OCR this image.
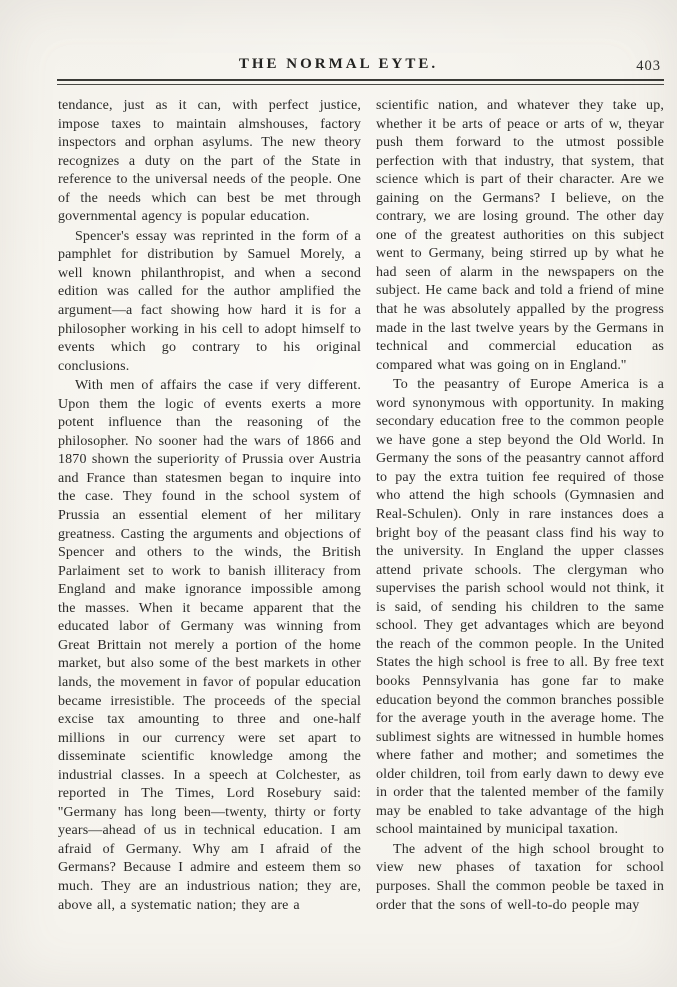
THE NORMAL EYTE.	403

tendance, just as it can, with perfect justice, impose taxes to maintain almshouses, factory inspectors and orphan asylums. The new theory recognizes a duty on the part of the State in reference to the universal needs of the people. One of the needs which can best be met through governmental agency is popular education.

Spencer's essay was reprinted in the form of a pamphlet for distribution by Samuel Morely, a well known philanthropist, and when a second edition was called for the author amplified the argument—a fact showing how hard it is for a philosopher working in his cell to adopt himself to events which go contrary to his original conclusions.

With men of affairs the case if very different. Upon them the logic of events exerts a more potent influence than the reasoning of the philosopher. No sooner had the wars of 1866 and 1870 shown the superiority of Prussia over Austria and France than statesmen began to inquire into the case. They found in the school system of Prussia an essential element of her military greatness. Casting the arguments and objections of Spencer and others to the winds, the British Parlaiment set to work to banish illiteracy from England and make ignorance impossible among the masses. When it became apparent that the educated labor of Germany was winning from Great Brittain not merely a portion of the home market, but also some of the best markets in other lands, the movement in favor of popular education became irresistible. The proceeds of the special excise tax amounting to three and one-half millions in our currency were set apart to disseminate scientific knowledge among the industrial classes. In a speech at Colchester, as reported in The Times, Lord Rosebury said: ''Germany has long been—twenty, thirty or forty years—ahead of us in technical education. I am afraid of Germany. Why am I afraid of the Germans? Because I admire and esteem them so much. They are an industrious nation; they are, above all, a systematic nation; they are a

scientific nation, and whatever they take up, whether it be arts of peace or arts of w, theyar push them forward to the utmost possible perfection with that industry, that system, that science which is part of their character. Are we gaining on the Germans? I believe, on the contrary, we are losing ground. The other day one of the greatest authorities on this subject went to Germany, being stirred up by what he had seen of alarm in the newspapers on the subject. He came back and told a friend of mine that he was absolutely appalled by the progress made in the last twelve years by the Germans in technical and commercial education as compared what was going on in England.''

To the peasantry of Europe America is a word synonymous with opportunity. In making secondary education free to the common people we have gone a step beyond the Old World. In Germany the sons of the peasantry cannot afford to pay the extra tuition fee required of those who attend the high schools (Gymnasien and Real-Schulen). Only in rare instances does a bright boy of the peasant class find his way to the university. In England the upper classes attend private schools. The clergyman who supervises the parish school would not think, it is said, of sending his children to the same school. They get advantages which are beyond the reach of the common people. In the United States the high school is free to all. By free text books Pennsylvania has gone far to make education beyond the common branches possible for the average youth in the average home. The sublimest sights are witnessed in humble homes where father and mother; and sometimes the older children, toil from early dawn to dewy eve in order that the talented member of the family may be enabled to take advantage of the high school maintained by municipal taxation.

The advent of the high school brought to view new phases of taxation for school purposes. Shall the common peoble be taxed in order that the sons of well-to-do people may
